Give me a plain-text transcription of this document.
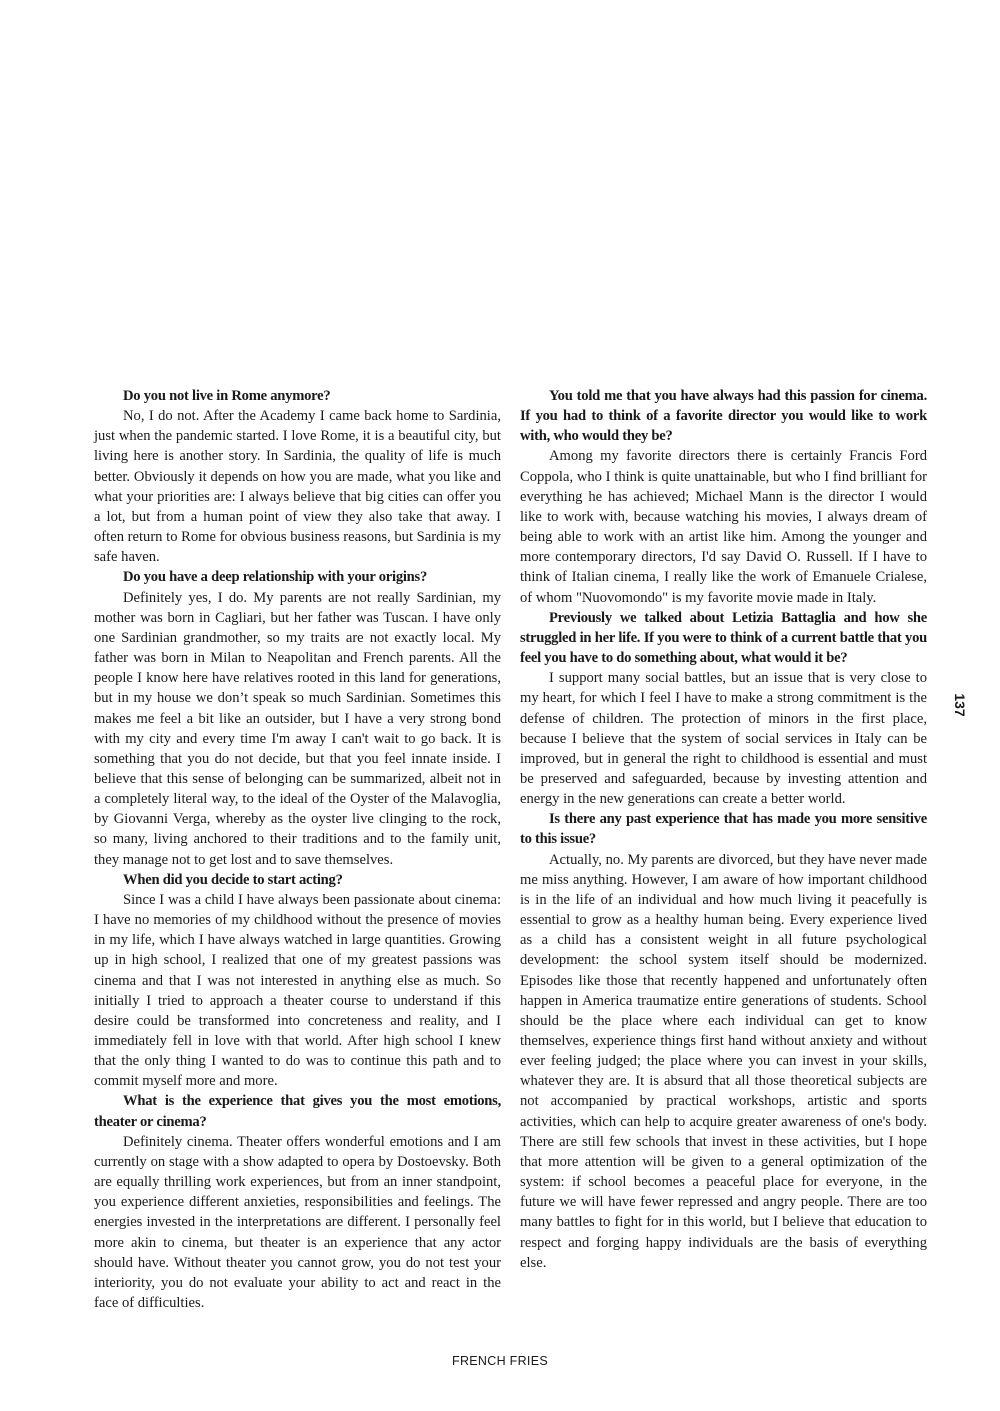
Do you not live in Rome anymore?

No, I do not. After the Academy I came back home to Sardinia, just when the pandemic started. I love Rome, it is a beautiful city, but living here is another story. In Sardinia, the quality of life is much better. Obviously it depends on how you are made, what you like and what your priorities are: I always believe that big cities can offer you a lot, but from a human point of view they also take that away. I often return to Rome for obvious business reasons, but Sardinia is my safe haven.

Do you have a deep relationship with your origins?

Definitely yes, I do. My parents are not really Sardinian, my mother was born in Cagliari, but her father was Tuscan. I have only one Sardinian grandmother, so my traits are not exactly local. My father was born in Milan to Neapolitan and French parents. All the people I know here have relatives rooted in this land for generations, but in my house we don’t speak so much Sardinian. Sometimes this makes me feel a bit like an outsider, but I have a very strong bond with my city and every time I'm away I can't wait to go back. It is something that you do not decide, but that you feel innate inside. I believe that this sense of belonging can be summarized, albeit not in a completely literal way, to the ideal of the Oyster of the Malavoglia, by Giovanni Verga, whereby as the oyster live clinging to the rock, so many, living anchored to their traditions and to the family unit, they manage not to get lost and to save themselves.

When did you decide to start acting?

Since I was a child I have always been passionate about cinema: I have no memories of my childhood without the presence of movies in my life, which I have always watched in large quantities. Growing up in high school, I realized that one of my greatest passions was cinema and that I was not interested in anything else as much. So initially I tried to approach a theater course to understand if this desire could be transformed into concreteness and reality, and I immediately fell in love with that world. After high school I knew that the only thing I wanted to do was to continue this path and to commit myself more and more.

What is the experience that gives you the most emotions, theater or cinema?

Definitely cinema. Theater offers wonderful emotions and I am currently on stage with a show adapted to opera by Dostoevsky. Both are equally thrilling work experiences, but from an inner standpoint, you experience different anxieties, responsibilities and feelings. The energies invested in the interpretations are different. I personally feel more akin to cinema, but theater is an experience that any actor should have. Without theater you cannot grow, you do not test your interiority, you do not evaluate your ability to act and react in the face of difficulties.

You told me that you have always had this passion for cinema. If you had to think of a favorite director you would like to work with, who would they be?

Among my favorite directors there is certainly Francis Ford Coppola, who I think is quite unattainable, but who I find brilliant for everything he has achieved; Michael Mann is the director I would like to work with, because watching his movies, I always dream of being able to work with an artist like him. Among the younger and more contemporary directors, I'd say David O. Russell. If I have to think of Italian cinema, I really like the work of Emanuele Crialese, of whom "Nuovomondo" is my favorite movie made in Italy.

Previously we talked about Letizia Battaglia and how she struggled in her life. If you were to think of a current battle that you feel you have to do something about, what would it be?

I support many social battles, but an issue that is very close to my heart, for which I feel I have to make a strong commitment is the defense of children. The protection of minors in the first place, because I believe that the system of social services in Italy can be improved, but in general the right to childhood is essential and must be preserved and safeguarded, because by investing attention and energy in the new generations can create a better world.

Is there any past experience that has made you more sensitive to this issue?

Actually, no. My parents are divorced, but they have never made me miss anything. However, I am aware of how important childhood is in the life of an individual and how much living it peacefully is essential to grow as a healthy human being. Every experience lived as a child has a consistent weight in all future psychological development: the school system itself should be modernized. Episodes like those that recently happened and unfortunately often happen in America traumatize entire generations of students. School should be the place where each individual can get to know themselves, experience things first hand without anxiety and without ever feeling judged; the place where you can invest in your skills, whatever they are. It is absurd that all those theoretical subjects are not accompanied by practical workshops, artistic and sports activities, which can help to acquire greater awareness of one's body. There are still few schools that invest in these activities, but I hope that more attention will be given to a general optimization of the system: if school becomes a peaceful place for everyone, in the future we will have fewer repressed and angry people. There are too many battles to fight for in this world, but I believe that education to respect and forging happy individuals are the basis of everything else.

137
FRENCH FRIES
